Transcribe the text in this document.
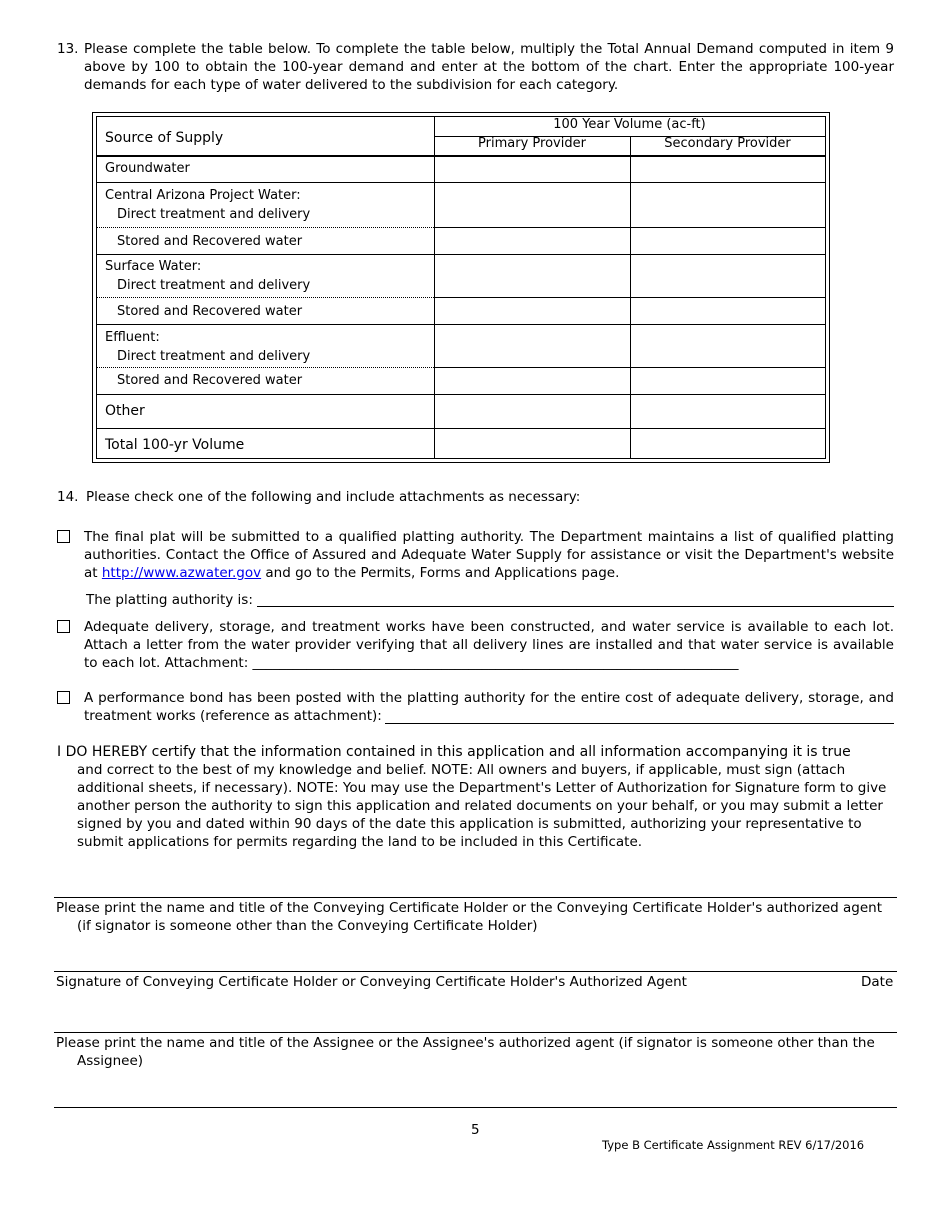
13. Please complete the table below. To complete the table below, multiply the Total Annual Demand computed in item 9 above by 100 to obtain the 100-year demand and enter at the bottom of the chart. Enter the appropriate 100-year demands for each type of water delivered to the subdivision for each category.
Source of Supply
100 Year Volume (ac-ft)
Primary Provider	Secondary Provider
Groundwater
Central Arizona Project Water:
Direct treatment and delivery
Stored and Recovered water
Surface Water:
Direct treatment and delivery
Stored and Recovered water
Effluent:
Direct treatment and delivery
Stored and Recovered water
Other
Total 100-yr Volume
14. Please check one of the following and include attachments as necessary:
The final plat will be submitted to a qualified platting authority. The Department maintains a list of qualified platting authorities. Contact the Office of Assured and Adequate Water Supply for assistance or visit the Department's website at http://www.azwater.gov and go to the Permits, Forms and Applications page.
The platting authority is:
Adequate delivery, storage, and treatment works have been constructed, and water service is available to each lot. Attach a letter from the water provider verifying that all delivery lines are installed and that water service is available to each lot. Attachment: ________________________________________________________________________
A performance bond has been posted with the platting authority for the entire cost of adequate delivery, storage, and treatment works (reference as attachment):
I DO HEREBY certify that the information contained in this application and all information accompanying it is true
and correct to the best of my knowledge and belief. NOTE: All owners and buyers, if applicable, must sign (attach additional sheets, if necessary). NOTE: You may use the Department's Letter of Authorization for Signature form to give another person the authority to sign this application and related documents on your behalf, or you may submit a letter signed by you and dated within 90 days of the date this application is submitted, authorizing your representative to submit applications for permits regarding the land to be included in this Certificate.
Please print the name and title of the Conveying Certificate Holder or the Conveying Certificate Holder's authorized agent
(if signator is someone other than the Conveying Certificate Holder)
Signature of Conveying Certificate Holder or Conveying Certificate Holder's Authorized Agent	Date
Please print the name and title of the Assignee or the Assignee's authorized agent (if signator is someone other than the
Assignee)
5
Type B Certificate Assignment REV 6/17/2016
